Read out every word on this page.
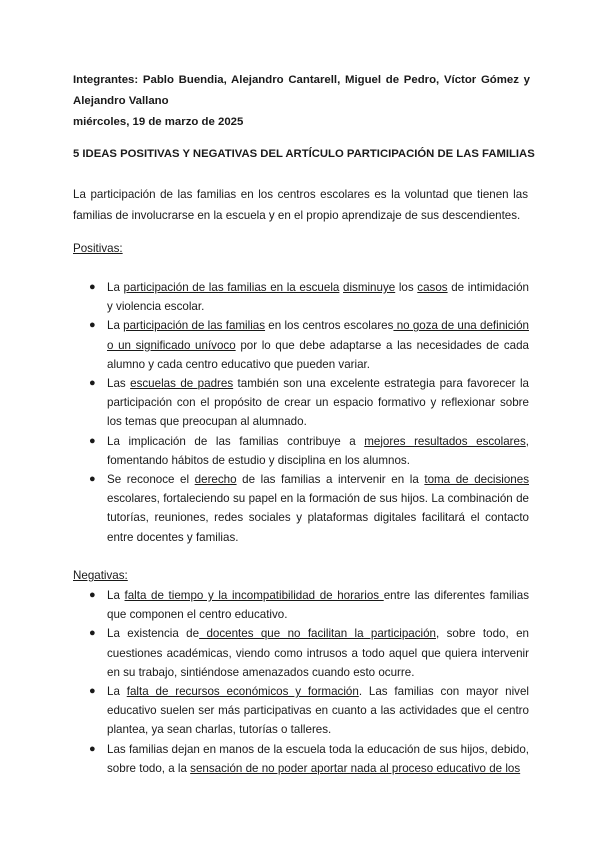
Integrantes: Pablo Buendia, Alejandro Cantarell, Miguel de Pedro, Víctor Gómez y Alejandro Vallano

miércoles, 19 de marzo de 2025

5 IDEAS POSITIVAS Y NEGATIVAS DEL ARTÍCULO PARTICIPACIÓN DE LAS FAMILIAS

La participación de las familias en los centros escolares es la voluntad que tienen las familias de involucrarse en la escuela y en el propio aprendizaje de sus descendientes.

Positivas:

● La participación de las familias en la escuela disminuye los casos de intimidación y violencia escolar.
● La participación de las familias en los centros escolares no goza de una definición o un significado unívoco por lo que debe adaptarse a las necesidades de cada alumno y cada centro educativo que pueden variar.
● Las escuelas de padres también son una excelente estrategia para favorecer la participación con el propósito de crear un espacio formativo y reflexionar sobre los temas que preocupan al alumnado.
● La implicación de las familias contribuye a mejores resultados escolares, fomentando hábitos de estudio y disciplina en los alumnos.
● Se reconoce el derecho de las familias a intervenir en la toma de decisiones escolares, fortaleciendo su papel en la formación de sus hijos. La combinación de tutorías, reuniones, redes sociales y plataformas digitales facilitará el contacto entre docentes y familias.

Negativas:

● La falta de tiempo y la incompatibilidad de horarios entre las diferentes familias que componen el centro educativo.
● La existencia de docentes que no facilitan la participación, sobre todo, en cuestiones académicas, viendo como intrusos a todo aquel que quiera intervenir en su trabajo, sintiéndose amenazados cuando esto ocurre.
● La falta de recursos económicos y formación. Las familias con mayor nivel educativo suelen ser más participativas en cuanto a las actividades que el centro plantea, ya sean charlas, tutorías o talleres.
● Las familias dejan en manos de la escuela toda la educación de sus hijos, debido, sobre todo, a la sensación de no poder aportar nada al proceso educativo de los
